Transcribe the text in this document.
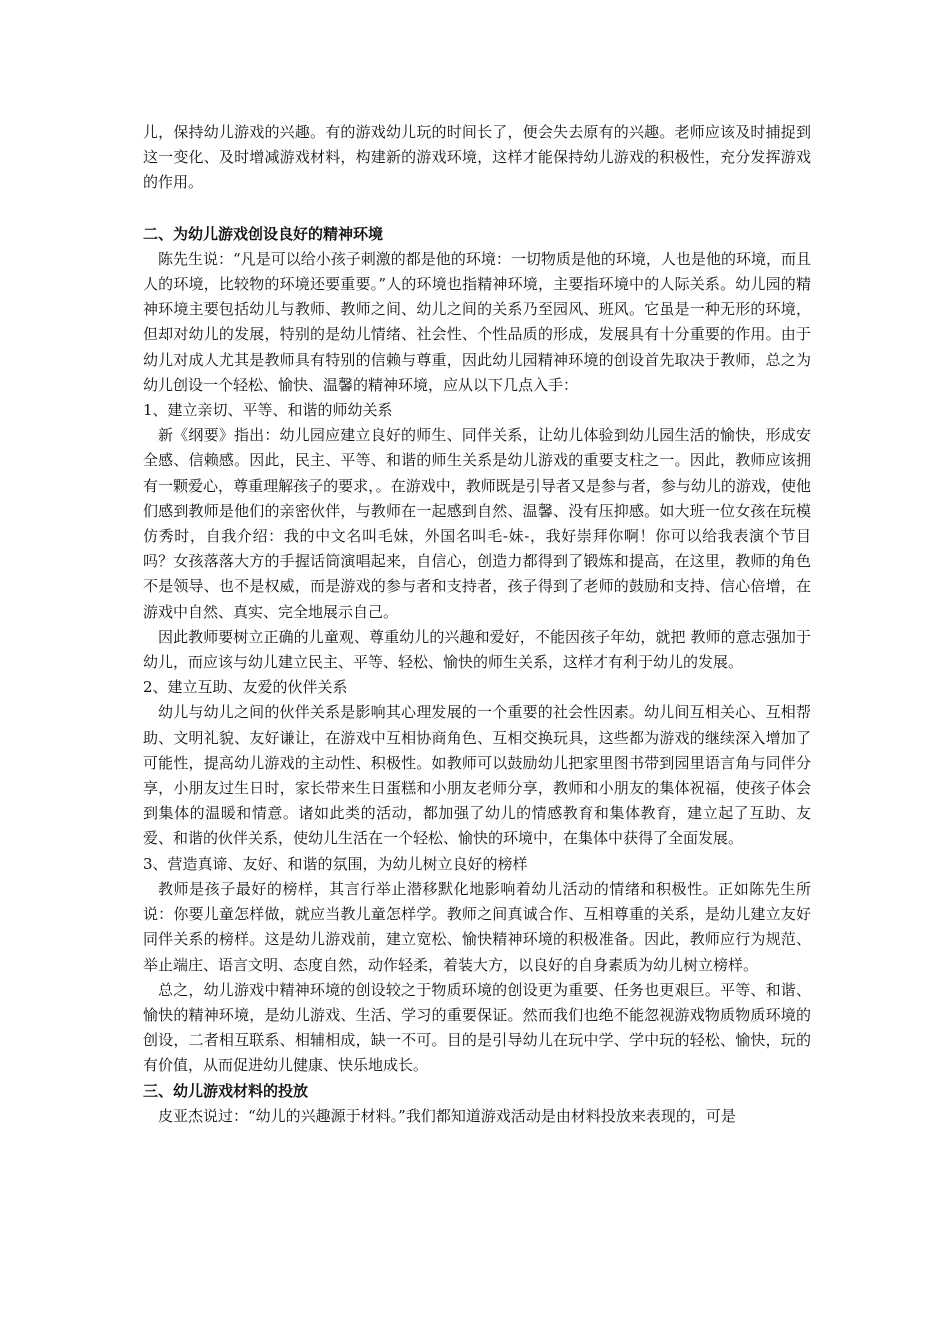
儿，保持幼儿游戏的兴趣。有的游戏幼儿玩的时间长了，便会失去原有的兴趣。老师应该及时捕捉到这一变化、及时增减游戏材料，构建新的游戏环境，这样才能保持幼儿游戏的积极性，充分发挥游戏的作用。

二、为幼儿游戏创设良好的精神环境

陈先生说：“凡是可以给小孩子刺激的都是他的环境：一切物质是他的环境，人也是他的环境，而且人的环境，比较物的环境还要重要。”人的环境也指精神环境，主要指环境中的人际关系。幼儿园的精神环境主要包括幼儿与教师、教师之间、幼儿之间的关系乃至园风、班风。它虽是一种无形的环境，但却对幼儿的发展，特别的是幼儿情绪、社会性、个性品质的形成，发展具有十分重要的作用。由于幼儿对成人尤其是教师具有特别的信赖与尊重，因此幼儿园精神环境的创设首先取决于教师，总之为幼儿创设一个轻松、愉快、温馨的精神环境，应从以下几点入手：

1、建立亲切、平等、和谐的师幼关系

新《纲要》指出：幼儿园应建立良好的师生、同伴关系，让幼儿体验到幼儿园生活的愉快，形成安全感、信赖感。因此，民主、平等、和谐的师生关系是幼儿游戏的重要支柱之一。因此，教师应该拥有一颗爱心，尊重理解孩子的要求，。在游戏中，教师既是引导者又是参与者，参与幼儿的游戏，使他们感到教师是他们的亲密伙伴，与教师在一起感到自然、温馨、没有压抑感。如大班一位女孩在玩模仿秀时，自我介绍：我的中文名叫毛妹，外国名叫毛-妹-，我好崇拜你啊！你可以给我表演个节目吗？女孩落落大方的手握话筒演唱起来，自信心，创造力都得到了锻炼和提高，在这里，教师的角色不是领导、也不是权威，而是游戏的参与者和支持者，孩子得到了老师的鼓励和支持、信心倍增，在游戏中自然、真实、完全地展示自己。

因此教师要树立正确的儿童观、尊重幼儿的兴趣和爱好，不能因孩子年幼，就把 教师的意志强加于幼儿，而应该与幼儿建立民主、平等、轻松、愉快的师生关系，这样才有利于幼儿的发展。

2、建立互助、友爱的伙伴关系

幼儿与幼儿之间的伙伴关系是影响其心理发展的一个重要的社会性因素。幼儿间互相关心、互相帮助、文明礼貌、友好谦让，在游戏中互相协商角色、互相交换玩具，这些都为游戏的继续深入增加了可能性，提高幼儿游戏的主动性、积极性。如教师可以鼓励幼儿把家里图书带到园里语言角与同伴分享，小朋友过生日时，家长带来生日蛋糕和小朋友老师分享，教师和小朋友的集体祝福，使孩子体会到集体的温暖和情意。诸如此类的活动，都加强了幼儿的情感教育和集体教育，建立起了互助、友爱、和谐的伙伴关系，使幼儿生活在一个轻松、愉快的环境中，在集体中获得了全面发展。

3、营造真谛、友好、和谐的氛围，为幼儿树立良好的榜样

教师是孩子最好的榜样，其言行举止潜移默化地影响着幼儿活动的情绪和积极性。正如陈先生所说：你要儿童怎样做，就应当教儿童怎样学。教师之间真诚合作、互相尊重的关系，是幼儿建立友好同伴关系的榜样。这是幼儿游戏前，建立宽松、愉快精神环境的积极准备。因此，教师应行为规范、举止端庄、语言文明、态度自然，动作轻柔，着装大方，以良好的自身素质为幼儿树立榜样。

总之，幼儿游戏中精神环境的创设较之于物质环境的创设更为重要、任务也更艰巨。平等、和谐、愉快的精神环境，是幼儿游戏、生活、学习的重要保证。然而我们也绝不能忽视游戏物质物质环境的创设，二者相互联系、相辅相成，缺一不可。目的是引导幼儿在玩中学、学中玩的轻松、愉快，玩的有价值，从而促进幼儿健康、快乐地成长。

三、幼儿游戏材料的投放

皮亚杰说过：“幼儿的兴趣源于材料。”我们都知道游戏活动是由材料投放来表现的，可是
